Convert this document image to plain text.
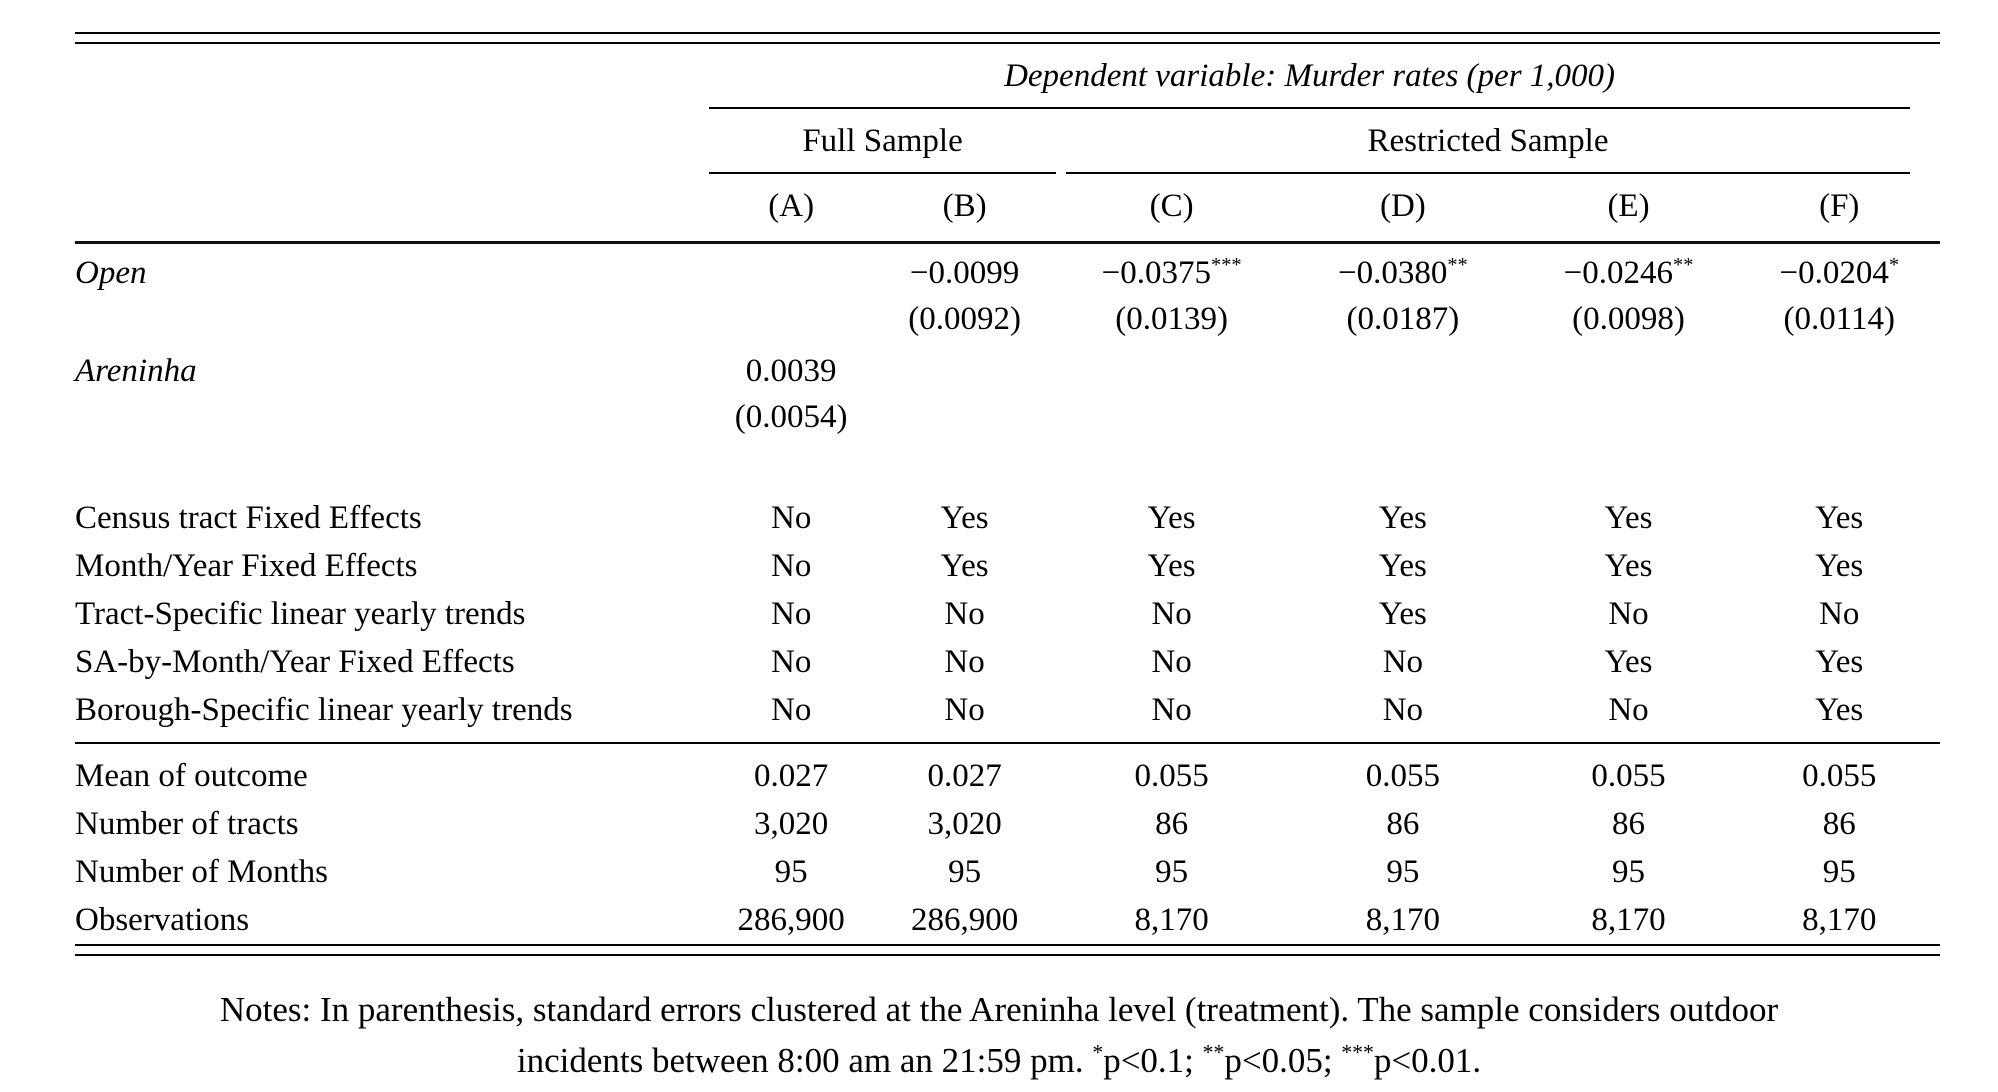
	Dependent variable: Murder rates (per 1,000)					

	Full Sample		Restricted Sample			

	(A)	(B)	(C)	(D)	(E)	(F)
Open		−0.0099	−0.0375***	−0.0380**	−0.0246**	−0.0204*
		(0.0092)	(0.0139)	(0.0187)	(0.0098)	(0.0114)
Areninha	0.0039					
	(0.0054)					

Census tract Fixed Effects	No	Yes	Yes	Yes	Yes	Yes
Month/Year Fixed Effects	No	Yes	Yes	Yes	Yes	Yes
Tract-Specific linear yearly trends	No	No	No	Yes	No	No
SA-by-Month/Year Fixed Effects	No	No	No	No	Yes	Yes
Borough-Specific linear yearly trends	No	No	No	No	No	Yes
Mean of outcome	0.027	0.027	0.055	0.055	0.055	0.055
Number of tracts	3,020	3,020	86	86	86	86
Number of Months	95	95	95	95	95	95
Observations	286,900	286,900	8,170	8,170	8,170	8,170
Notes: In parenthesis, standard errors clustered at the Areninha level (treatment). The sample considers outdoor
incidents between 8:00 am an 21:59 pm. *p<0.1; **p<0.05; ***p<0.01.
